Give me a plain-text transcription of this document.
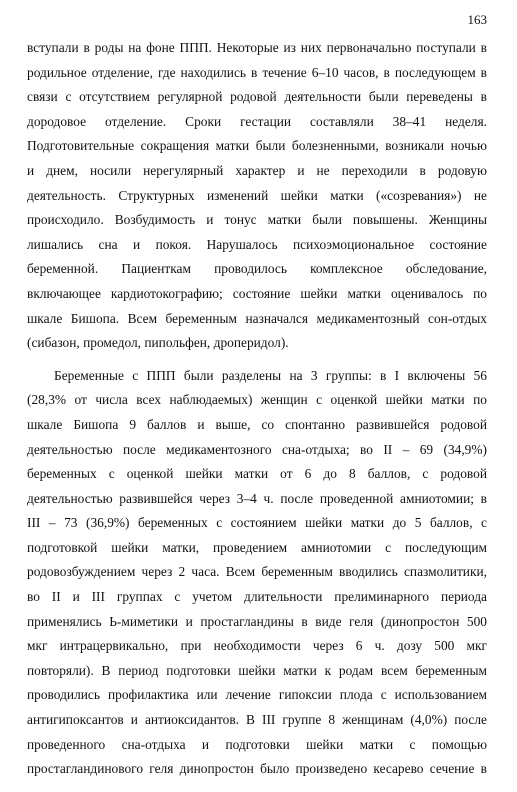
163
вступали в роды на фоне ППП. Некоторые из них первоначально поступали в
родильное отделение, где находились в течение 6–10 часов, в последующем в
связи с отсутствием регулярной родовой деятельности были переведены в
дородовое отделение. Сроки гестации составляли 38–41 неделя.
Подготовительные сокращения матки были болезненными, возникали ночью
и днем, носили нерегулярный характер и не переходили в родовую
деятельность. Структурных изменений шейки матки («созревания») не
происходило. Возбудимость и тонус матки были повышены. Женщины
лишались сна и покоя. Нарушалось психоэмоциональное состояние
беременной. Пациенткам проводилось комплексное обследование,
включающее кардиотокографию; состояние шейки матки оценивалось по
шкале Бишопа. Всем беременным назначался медикаментозный сон-отдых
(сибазон, промедол, пипольфен, дроперидол).
Беременные с ППП были разделены на 3 группы: в I включены 56
(28,3% от числа всех наблюдаемых) женщин с оценкой шейки матки по
шкале Бишопа 9 баллов и выше, со спонтанно развившейся родовой
деятельностью после медикаментозного сна-отдыха; во II – 69 (34,9%)
беременных с оценкой шейки матки от 6 до 8 баллов, с родовой
деятельностью развившейся через 3–4 ч. после проведенной амниотомии; в
III – 73 (36,9%) беременных с состоянием шейки матки до 5 баллов, с
подготовкой шейки матки, проведением амниотомии с последующим
родовозбуждением через 2 часа. Всем беременным вводились спазмолитики,
во II и III группах с учетом длительности прелиминарного периода
применялись Ь-миметики и простагландины в виде геля (динопростон 500
мкг интрацервикально, при необходимости через 6 ч. дозу 500 мкг
повторяли). В период подготовки шейки матки к родам всем беременным
проводились профилактика или лечение гипоксии плода с использованием
антигипоксантов и антиоксидантов. В III группе 8 женщинам (4,0%) после
проведенного сна-отдыха и подготовки шейки матки с помощью
простагландинового геля динопростон было произведено кесарево сечение в
